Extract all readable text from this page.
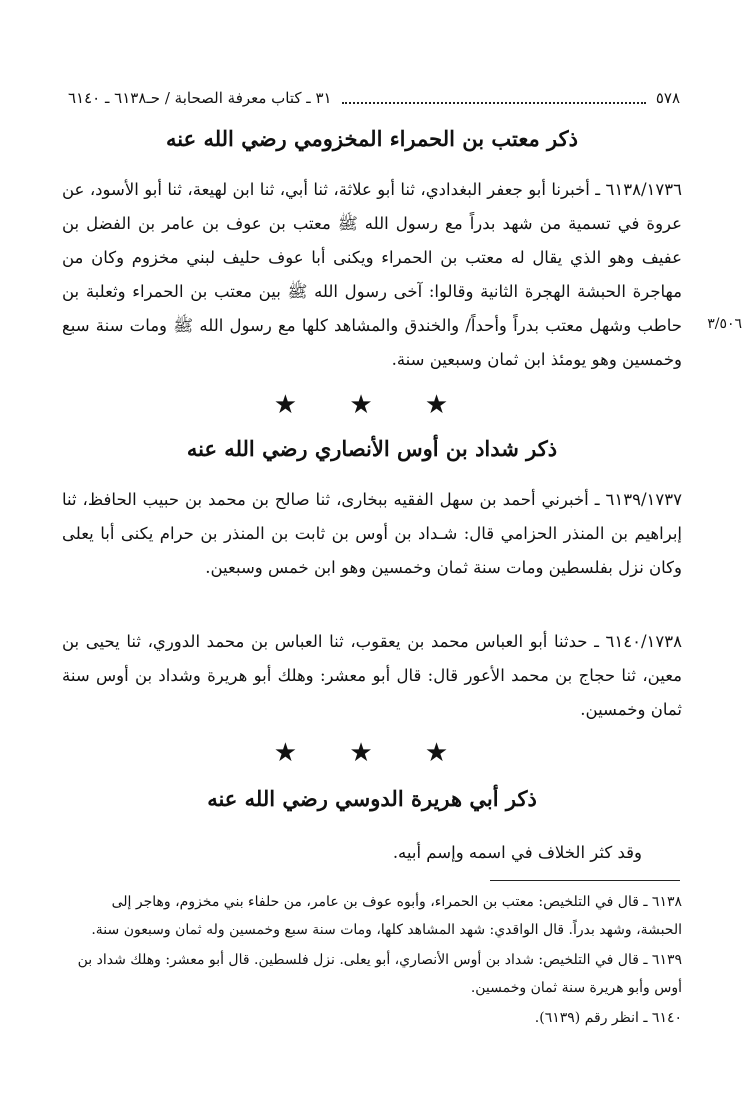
٥٧٨
٣١ ـ كتاب معرفة الصحابة / حـ٦١٣٨ ـ ٦١٤٠
ذكر معتب بن الحمراء المخزومي رضي الله عنه

٦١٣٨/١٧٣٦ ـ أخبرنا أبو جعفر البغدادي، ثنا أبو علاثة، ثنا أبي، ثنا ابن لهيعة، ثنا أبو الأسود، عن عروة في تسمية من شهد بدراً مع رسول الله ﷺ معتب بن عوف بن عامر بن الفضل بن عفيف وهو الذي يقال له معتب بن الحمراء ويكنى أبا عوف حليف لبني مخزوم وكان من مهاجرة الحبشة الهجرة الثانية وقالوا: آخى رسول الله ﷺ بين معتب بن الحمراء وثعلبة بن حاطب وشهل معتب بدراً وأحداً/ والخندق والمشاهد كلها مع رسول الله ﷺ ومات سنة سبع وخمسين وهو يومئذ ابن ثمان وسبعين سنة.

٣/٥٠٦
★ ★ ★
ذكر شداد بن أوس الأنصاري رضي الله عنه

٦١٣٩/١٧٣٧ ـ أخبرني أحمد بن سهل الفقيه ببخارى، ثنا صالح بن محمد بن حبيب الحافظ، ثنا إبراهيم بن المنذر الحزامي قال: شـداد بن أوس بن ثابت بن المنذر بن حرام يكنى أبا يعلى وكان نزل بفلسطين ومات سنة ثمان وخمسين وهو ابن خمس وسبعين.

٦١٤٠/١٧٣٨ ـ حدثنا أبو العباس محمد بن يعقوب، ثنا العباس بن محمد الدوري، ثنا يحيى بن معين، ثنا حجاج بن محمد الأعور قال: قال أبو معشر: وهلك أبو هريرة وشداد بن أوس سنة ثمان وخمسين.

★ ★ ★
ذكر أبي هريرة الدوسي رضي الله عنه

وقد كثر الخلاف في اسمه وإسم أبيه.

٦١٣٨ ـ قال في التلخيص: معتب بن الحمراء، وأبوه عوف بن عامر، من حلفاء بني مخزوم، وهاجر إلى الحبشة، وشهد بدراً. قال الواقدي: شهد المشاهد كلها، ومات سنة سبع وخمسين وله ثمان وسبعون سنة.

٦١٣٩ ـ قال في التلخيص: شداد بن أوس الأنصاري، أبو يعلى. نزل فلسطين. قال أبو معشر: وهلك شداد بن أوس وأبو هريرة سنة ثمان وخمسين.

٦١٤٠ ـ انظر رقم (٦١٣٩).
